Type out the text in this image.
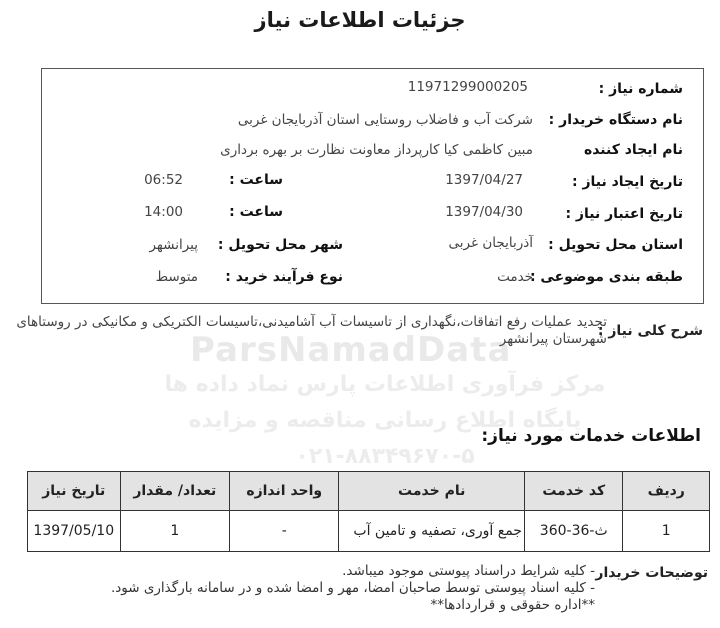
جزئیات اطلاعات نیاز
شماره نیاز :
11971299000205
نام دستگاه خریدار :
شرکت آب و فاضلاب روستایی استان آذربایجان غربی
نام ایجاد کننده
مبین کاظمی کیا کارپرداز معاونت نظارت بر بهره برداری
تاریخ ایجاد نیاز :
1397/04/27
ساعت :
06:52
تاریخ اعتبار نیاز :
1397/04/30
ساعت :
14:00
استان محل تحویل :
آذربایجان غربی
شهر محل تحویل :
پیرانشهر
طبقه بندی موضوعی :
خدمت
نوع فرآیند خرید :
متوسط
شرح کلی نیاز :
تجدید عملیات رفع اتفاقات،نگهداری از تاسیسات آب آشامیدنی،تاسیسات الکتریکی و مکانیکی در روستاهای شهرستان پیرانشهر
ParsNamadData
مرکز فرآوری اطلاعات پارس نماد داده ها
پایگاه اطلاع رسانی مناقصه و مزایده
۰۲۱-۸۸۳۴۹۶۷۰-۵
اطلاعات خدمات مورد نیاز:
ردیف	کد خدمت	نام خدمت	واحد اندازه	تعداد/ مقدار	تاریخ نیاز
1	ث-36-360	جمع آوری، تصفیه و تامین آب	-	1	1397/05/10
توضیحات خریدار
- کلیه شرایط دراسناد پیوستی موجود میباشد.
- کلیه اسناد پیوستی توسط صاحبان امضا، مهر و امضا شده و در سامانه بارگذاری شود.
**اداره حقوقی و قراردادها**
